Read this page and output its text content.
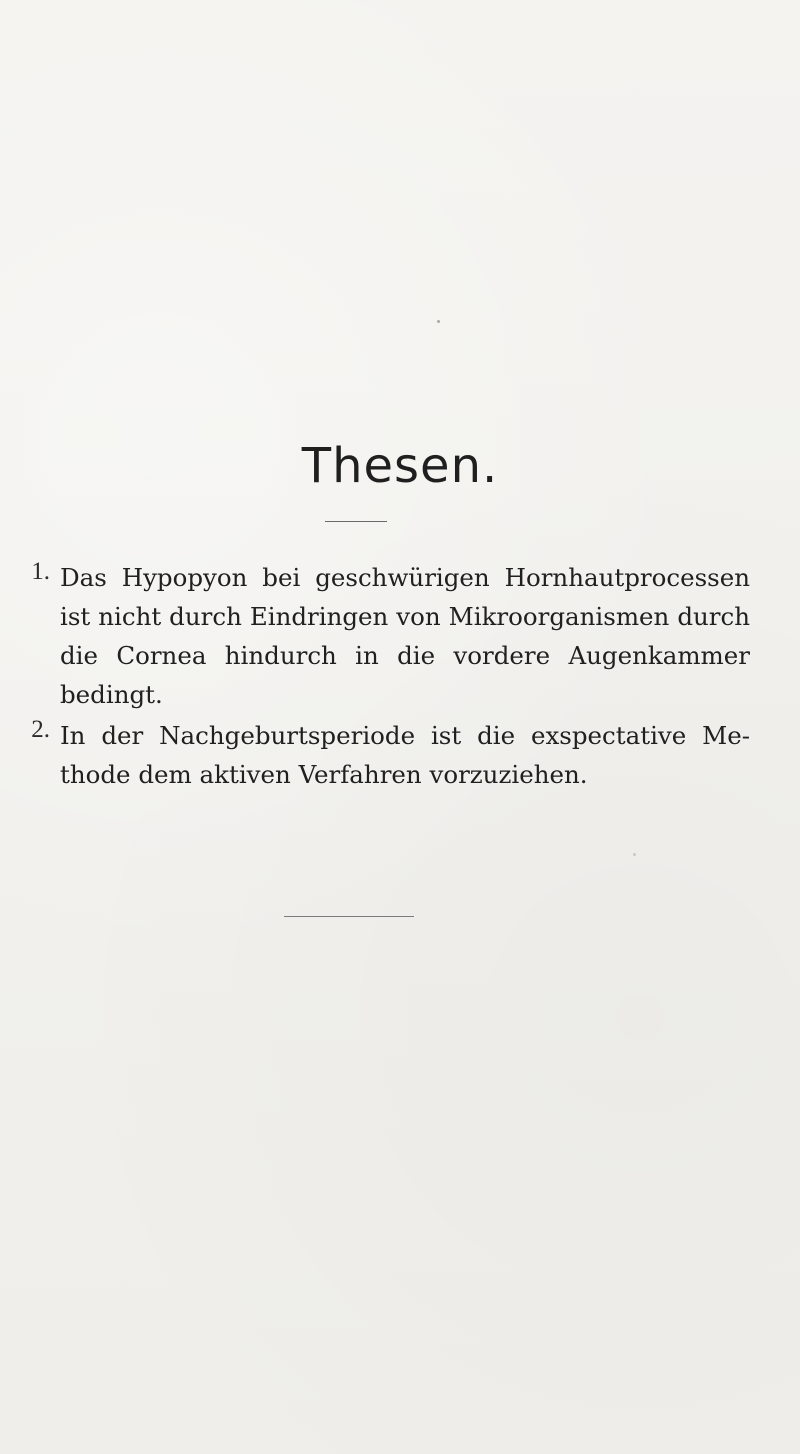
Thesen.
1. Das Hypopyon bei geschwürigen Hornhautprocessen ist nicht durch Eindringen von Mikroorganismen durch die Cornea hindurch in die vordere Augenkammer bedingt.

2. In der Nachgeburtsperiode ist die exspectative Methode dem aktiven Verfahren vorzuziehen.
